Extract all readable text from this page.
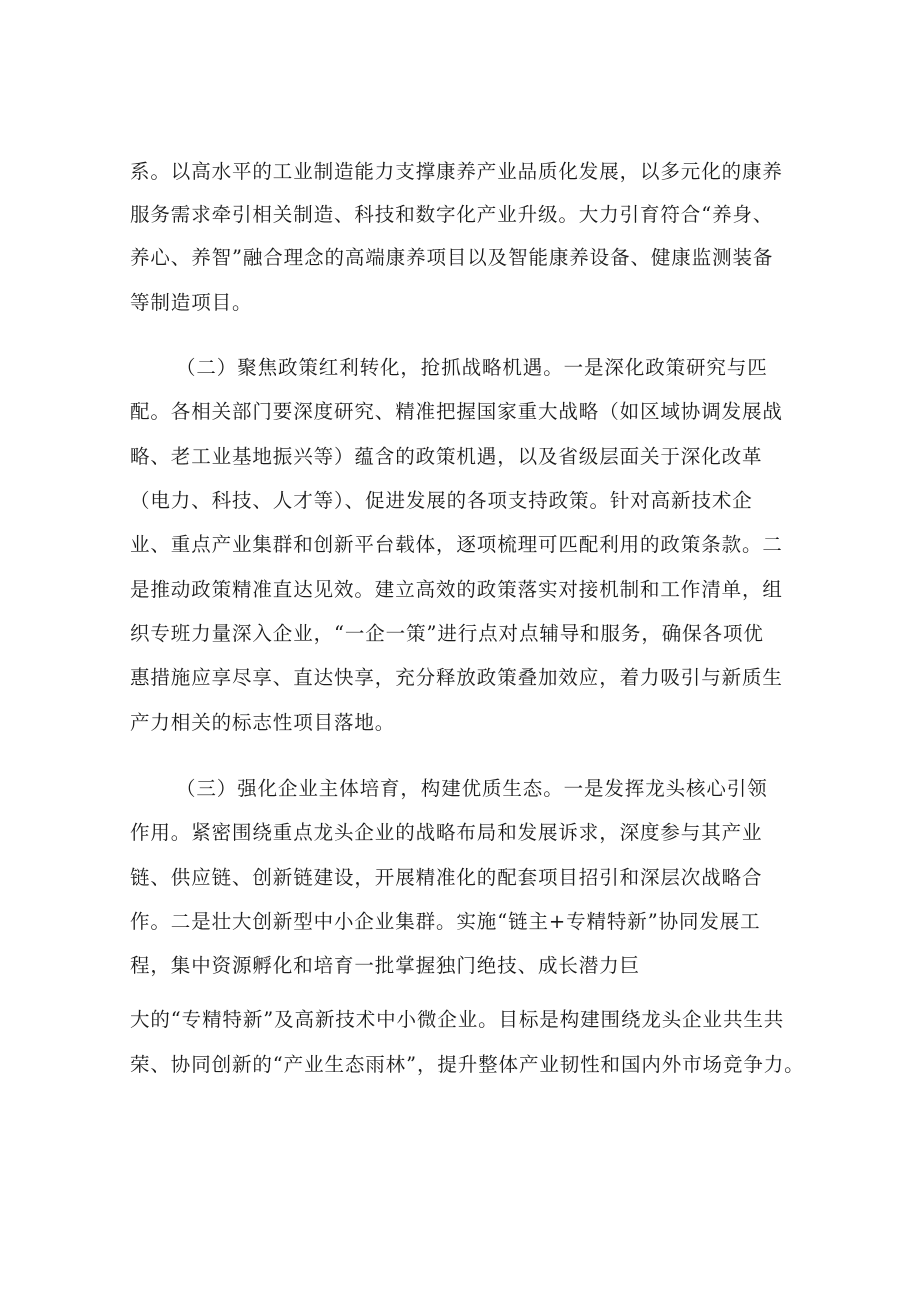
系。以高水平的工业制造能力支撑康养产业品质化发展，以多元化的康养
服务需求牵引相关制造、科技和数字化产业升级。大力引育符合“养身、
养心、养智”融合理念的高端康养项目以及智能康养设备、健康监测装备
等制造项目。
（二）聚焦政策红利转化，抢抓战略机遇。一是深化政策研究与匹
配。各相关部门要深度研究、精准把握国家重大战略（如区域协调发展战
略、老工业基地振兴等）蕴含的政策机遇，以及省级层面关于深化改革
（电力、科技、人才等）、促进发展的各项支持政策。针对高新技术企
业、重点产业集群和创新平台载体，逐项梳理可匹配利用的政策条款。二
是推动政策精准直达见效。建立高效的政策落实对接机制和工作清单，组
织专班力量深入企业，“一企一策”进行点对点辅导和服务，确保各项优
惠措施应享尽享、直达快享，充分释放政策叠加效应，着力吸引与新质生
产力相关的标志性项目落地。
（三）强化企业主体培育，构建优质生态。一是发挥龙头核心引领
作用。紧密围绕重点龙头企业的战略布局和发展诉求，深度参与其产业
链、供应链、创新链建设，开展精准化的配套项目招引和深层次战略合
作。二是壮大创新型中小企业集群。实施“链主+专精特新”协同发展工
程，集中资源孵化和培育一批掌握独门绝技、成长潜力巨
大的“专精特新”及高新技术中小微企业。目标是构建围绕龙头企业共生共
荣、协同创新的“产业生态雨林”，提升整体产业韧性和国内外市场竞争力。
